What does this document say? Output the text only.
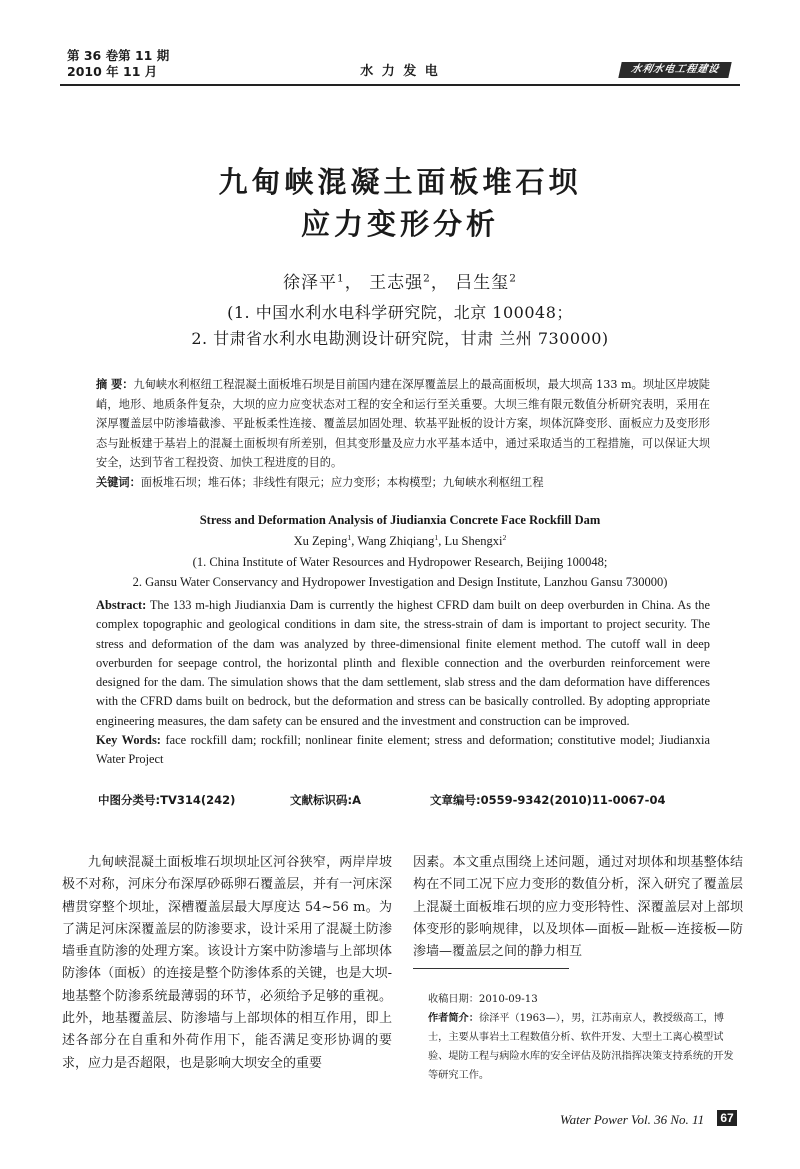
第 36 卷第 11 期
2010 年 11 月	水 力 发 电	水利水电工程建设
九甸峡混凝土面板堆石坝
应力变形分析
徐泽平$^1$， 王志强$^2$， 吕生玺$^2$
(1. 中国水利水电科学研究院，北京 100048；
2. 甘肃省水利水电勘测设计研究院，甘肃 兰州 730000)
摘 要：九甸峡水利枢纽工程混凝土面板堆石坝是目前国内建在深厚覆盖层上的最高面板坝，最大坝高 133 m。坝址区岸坡陡峭，地形、地质条件复杂，大坝的应力应变状态对工程的安全和运行至关重要。大坝三维有限元数值分析研究表明，采用在深厚覆盖层中防渗墙截渗、平趾板柔性连接、覆盖层加固处理、软基平趾板的设计方案，坝体沉降变形、面板应力及变形形态与趾板建于基岩上的混凝土面板坝有所差别，但其变形量及应力水平基本适中，通过采取适当的工程措施，可以保证大坝安全，达到节省工程投资、加快工程进度的目的。
关键词：面板堆石坝；堆石体；非线性有限元；应力变形；本构模型；九甸峡水利枢纽工程
Stress and Deformation Analysis of Jiudianxia Concrete Face Rockfill Dam
Xu Zeping$^1$, Wang Zhiqiang$^1$, Lu Shengxi$^2$
(1. China Institute of Water Resources and Hydropower Research, Beijing 100048;
2. Gansu Water Conservancy and Hydropower Investigation and Design Institute, Lanzhou Gansu 730000)
Abstract: The 133 m-high Jiudianxia Dam is currently the highest CFRD dam built on deep overburden in China. As the complex topographic and geological conditions in dam site, the stress-strain of dam is important to project security. The stress and deformation of the dam was analyzed by three-dimensional finite element method. The cutoff wall in deep overburden for seepage control, the horizontal plinth and flexible connection and the overburden reinforcement were designed for the dam. The simulation shows that the dam settlement, slab stress and the dam deformation have differences with the CFRD dams built on bedrock, but the deformation and stress can be basically controlled. By adopting appropriate engineering measures, the dam safety can be ensured and the investment and construction can be improved.
Key Words: face rockfill dam; rockfill; nonlinear finite element; stress and deformation; constitutive model; Jiudianxia Water Project
中图分类号:TV314(242)	文献标识码:A	文章编号:0559-9342(2010)11-0067-04
九甸峡混凝土面板堆石坝坝址区河谷狭窄，两岸岸坡极不对称，河床分布深厚砂砾卵石覆盖层，并有一河床深槽贯穿整个坝址，深槽覆盖层最大厚度达 54~56 m。为了满足河床深覆盖层的防渗要求，设计采用了混凝土防渗墙垂直防渗的处理方案。该设计方案中防渗墙与上部坝体防渗体（面板）的连接是整个防渗体系的关键，也是大坝-地基整个防渗系统最薄弱的环节，必须给予足够的重视。此外，地基覆盖层、防渗墙与上部坝体的相互作用，即上述各部分在自重和外荷作用下，能否满足变形协调的要求，应力是否超限，也是影响大坝安全的重要
因素。本文重点围绕上述问题，通过对坝体和坝基整体结构在不同工况下应力变形的数值分析，深入研究了覆盖层上混凝土面板堆石坝的应力变形特性、深覆盖层对上部坝体变形的影响规律，以及坝体—面板—趾板—连接板—防渗墙—覆盖层之间的静力相互
收稿日期：2010-09-13
作者简介：徐泽平（1963—），男，江苏南京人，教授级高工，博士，主要从事岩土工程数值分析、软件开发、大型土工离心模型试验、堤防工程与病险水库的安全评估及防汛指挥决策支持系统的开发等研究工作。
Water Power Vol. 36 No. 11 67
